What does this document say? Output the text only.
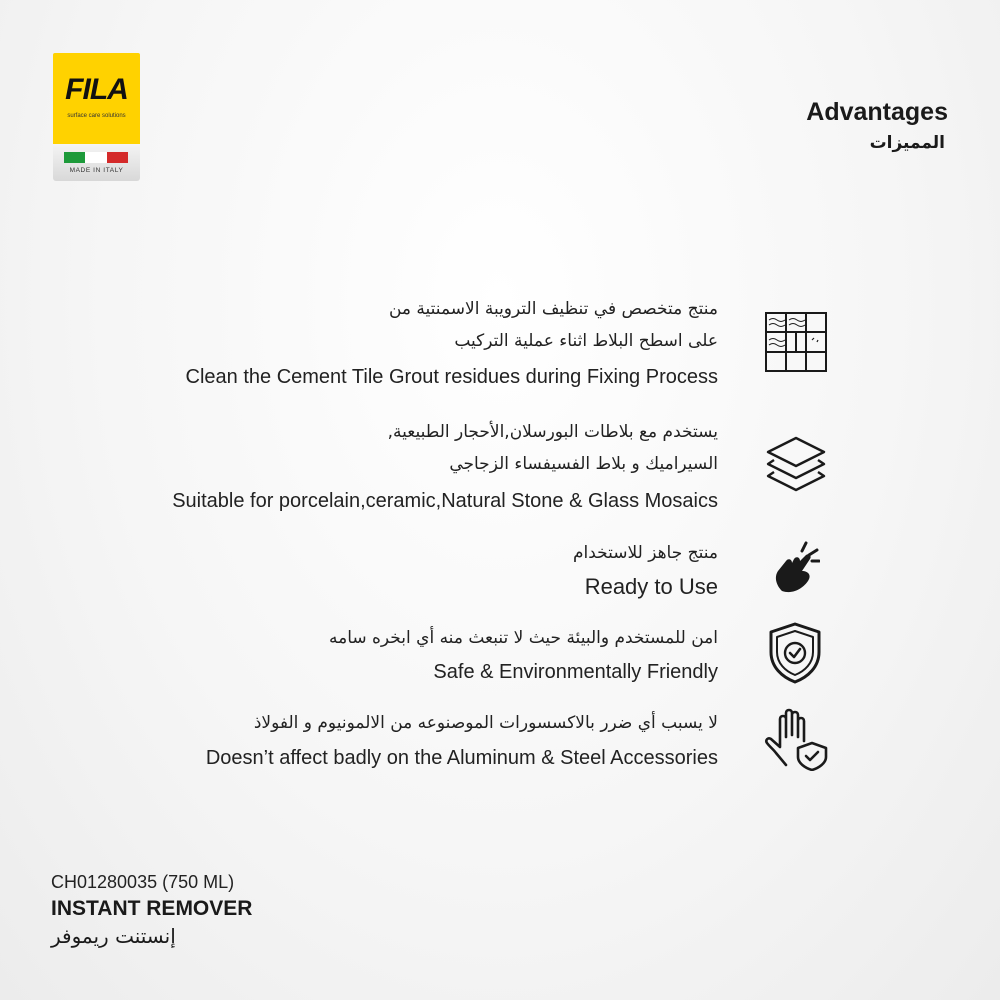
FILA
surface care solutions
MADE IN ITALY
Advantages
المميزات
منتج متخصص في تنظيف الترويبة الاسمنتية من
على اسطح البلاط اثناء عملية التركيب
Clean the Cement Tile Grout residues during Fixing Process
يستخدم مع بلاطات البورسلان,الأحجار الطبيعية,
السيراميك و بلاط الفسيفساء الزجاجي
Suitable for porcelain,ceramic,Natural Stone & Glass Mosaics
منتج جاهز للاستخدام
Ready to Use
امن للمستخدم والبيئة حيث لا تنبعث منه أي ابخره سامه
Safe & Environmentally Friendly
لا يسبب أي ضرر بالاكسسورات الموصنوعه من الالمونيوم و الفولاذ
Doesn’t affect badly on the Aluminum & Steel Accessories
CH01280035 (750 ML)
INSTANT REMOVER
إنستنت ريموفر
